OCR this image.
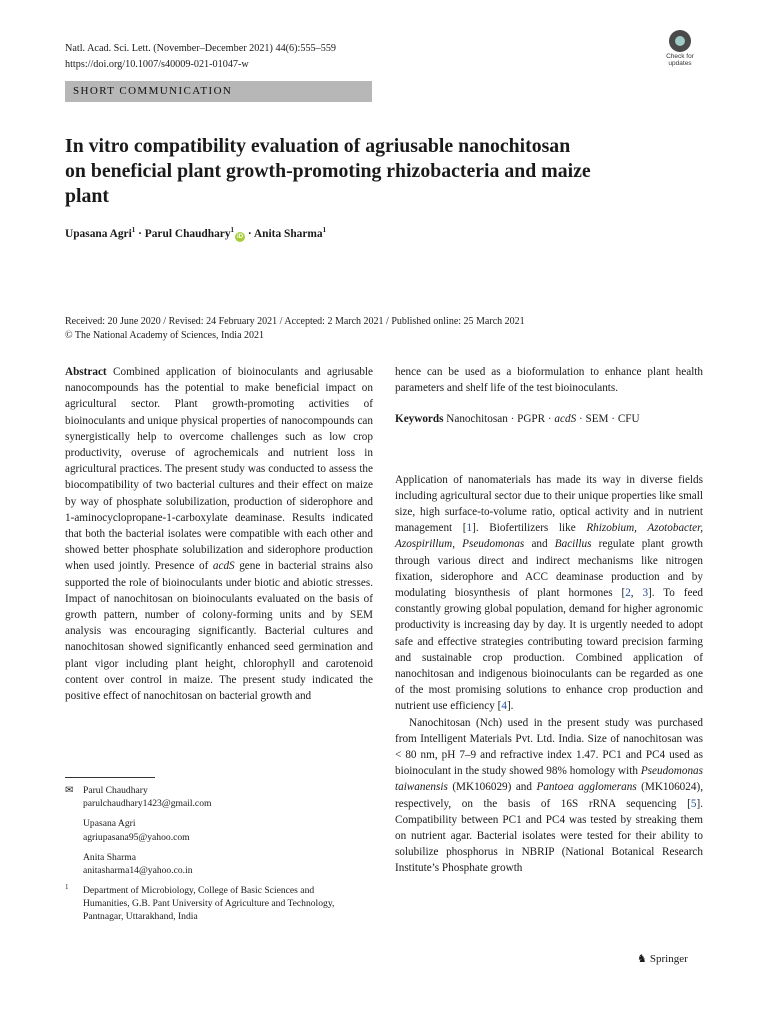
Natl. Acad. Sci. Lett. (November–December 2021) 44(6):555–559
https://doi.org/10.1007/s40009-021-01047-w
Check for
updates
SHORT COMMUNICATION
In vitro compatibility evaluation of agriusable nanochitosan
on beneficial plant growth-promoting rhizobacteria and maize
plant
Upasana Agri$^1$ · Parul Chaudhary$^1$iD · Anita Sharma$^1$
Received: 20 June 2020 / Revised: 24 February 2021 / Accepted: 2 March 2021 / Published online: 25 March 2021
© The National Academy of Sciences, India 2021

Abstract Combined application of bioinoculants and agriusable nanocompounds has the potential to make beneficial impact on agricultural sector. Plant growth-promoting activities of bioinoculants and unique physical properties of nanocompounds can synergistically help to overcome challenges such as low crop productivity, overuse of agrochemicals and nutrient loss in agricultural practices. The present study was conducted to assess the biocompatibility of two bacterial cultures and their effect on maize by way of phosphate solubilization, production of siderophore and 1-aminocyclopropane-1-carboxylate deaminase. Results indicated that both the bacterial isolates were compatible with each other and showed better phosphate solubilization and siderophore production when used jointly. Presence of acdS gene in bacterial strains also supported the role of bioinoculants under biotic and abiotic stresses. Impact of nanochitosan on bioinoculants evaluated on the basis of growth pattern, number of colony-forming units and by SEM analysis was encouraging significantly. Bacterial cultures and nanochitosan showed significantly enhanced seed germination and plant vigor including plant height, chlorophyll and carotenoid content over control in maize. The present study indicated the positive effect of nanochitosan on bacterial growth and

hence can be used as a bioformulation to enhance plant health parameters and shelf life of the test bioinoculants.

Keywords Nanochitosan · PGPR · acdS · SEM · CFU

Application of nanomaterials has made its way in diverse fields including agricultural sector due to their unique properties like small size, high surface-to-volume ratio, optical activity and in nutrient management [1]. Biofertilizers like Rhizobium, Azotobacter, Azospirillum, Pseudomonas and Bacillus regulate plant growth through various direct and indirect mechanisms like nitrogen fixation, siderophore and ACC deaminase production and by modulating biosynthesis of plant hormones [2, 3]. To feed constantly growing global population, demand for higher agronomic productivity is increasing day by day. It is urgently needed to adopt safe and effective strategies contributing toward precision farming and sustainable crop production. Combined application of nanochitosan and indigenous bioinoculants can be regarded as one of the most promising solutions to enhance crop production and nutrient use efficiency [4].

Nanochitosan (Nch) used in the present study was purchased from Intelligent Materials Pvt. Ltd. India. Size of nanochitosan was < 80 nm, pH 7–9 and refractive index 1.47. PC1 and PC4 used as bioinoculant in the study showed 98% homology with Pseudomonas taiwanensis (MK106029) and Pantoea agglomerans (MK106024), respectively, on the basis of 16S rRNA sequencing [5]. Compatibility between PC1 and PC4 was tested by streaking them on nutrient agar. Bacterial isolates were tested for their ability to solubilize phosphorus in NBRIP (National Botanical Research Institute’s Phosphate growth

✉ Parul Chaudhary
parulchaudhary1423@gmail.com
Upasana Agri
agriupasana95@yahoo.com
Anita Sharma
anitasharma14@yahoo.co.in
1 Department of Microbiology, College of Basic Sciences and Humanities, G.B. Pant University of Agriculture and Technology, Pantnagar, Uttarakhand, India
♞ Springer
